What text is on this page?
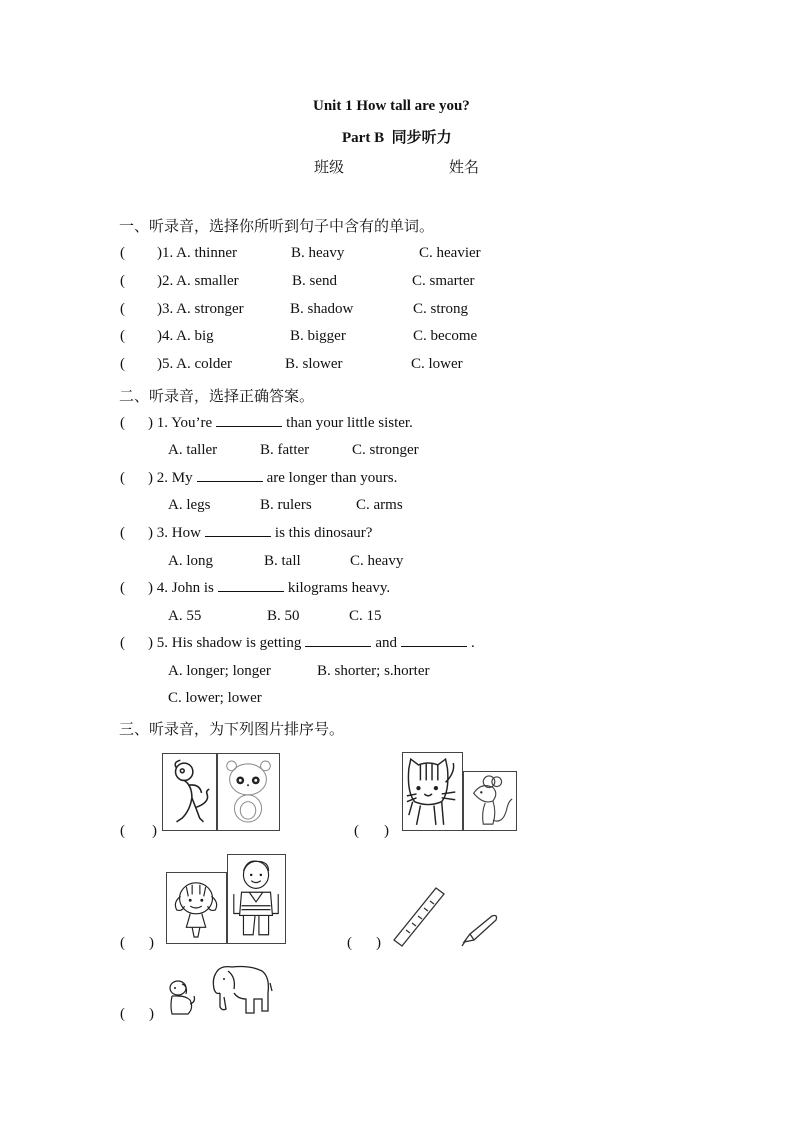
Unit 1 How tall are you?
Part B  同步听力
班级	姓名
一、听录音，选择你所听到句子中含有的单词。
( )1. A. thinner	B. heavy	C. heavier
( )2. A. smaller	B. send	C. smarter
( )3. A. stronger	B. shadow	C. strong
( )4. A. big	B. bigger	C. become
( )5. A. colder	B. slower	C. lower
二、听录音，选择正确答案。
( ) 1. You’re	than your little sister.
A. taller	B. fatter	C. stronger
( ) 2. My	are longer than yours.
A. legs	B. rulers	C. arms
( ) 3. How	is this dinosaur?
A. long	B. tall	C. heavy
( ) 4. John is	kilograms heavy.
A. 55	B. 50	C. 15
( ) 5. His shadow is getting	and	.
A. longer; longer	B. shorter; s.horter
C. lower; lower
三、听录音，为下列图片排序号。
( )	( )
( )	( )
( )
